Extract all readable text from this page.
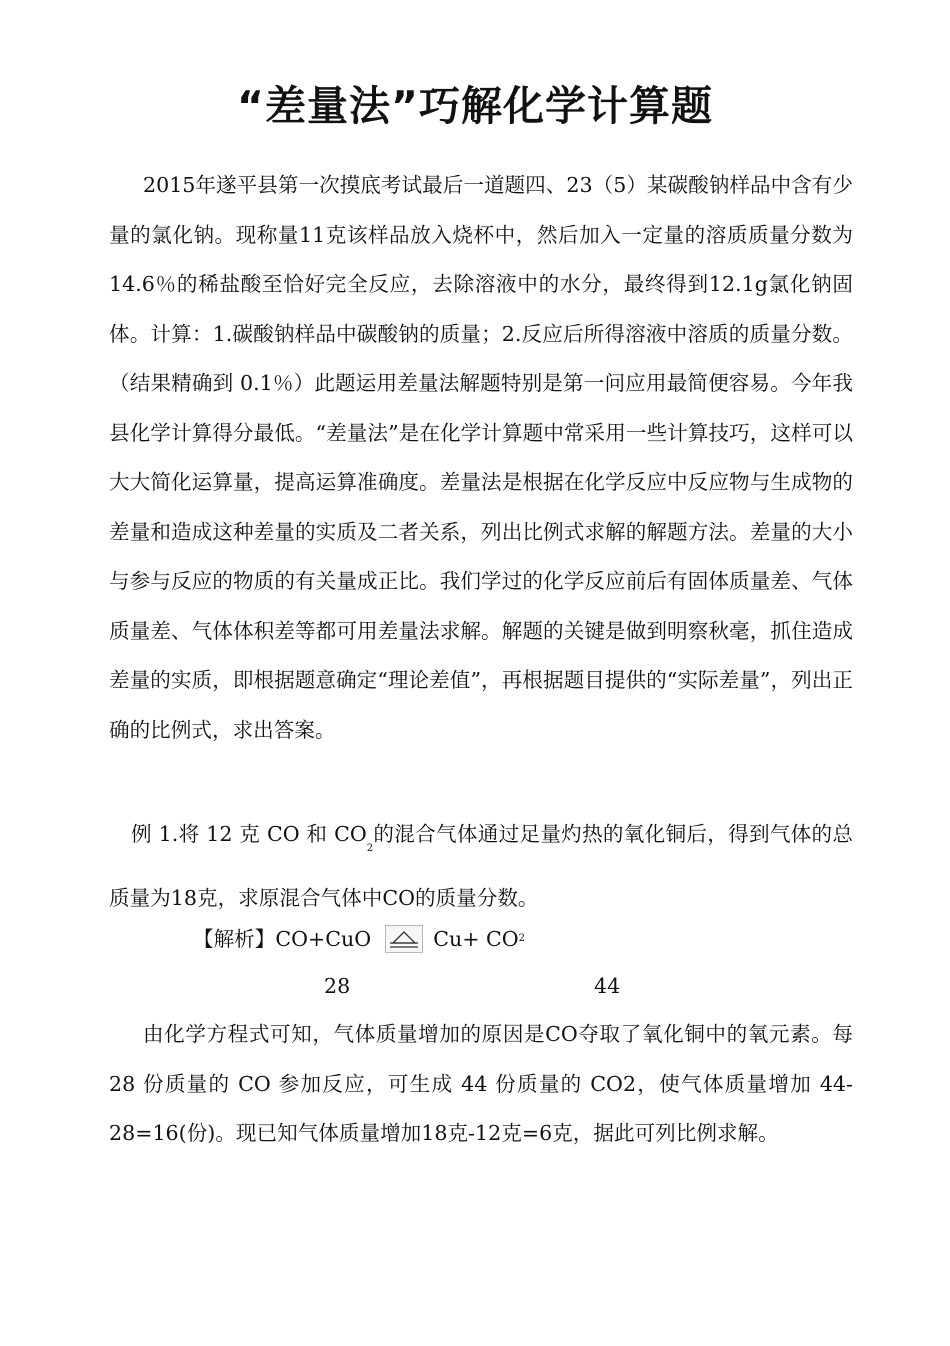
“差量法”巧解化学计算题

2015年遂平县第一次摸底考试最后一道题四、23（5）某碳酸钠样品中含有少量的氯化钠。现称量11克该样品放入烧杯中，然后加入一定量的溶质质量分数为 14.6％的稀盐酸至恰好完全反应，去除溶液中的水分，最终得到12.1g氯化钠固体。计算：1.碳酸钠样品中碳酸钠的质量；2.反应后所得溶液中溶质的质量分数。（结果精确到 0.1％）此题运用差量法解题特别是第一问应用最简便容易。今年我县化学计算得分最低。“差量法”是在化学计算题中常采用一些计算技巧，这样可以大大简化运算量，提高运算准确度。差量法是根据在化学反应中反应物与生成物的差量和造成这种差量的实质及二者关系，列出比例式求解的解题方法。差量的大小与参与反应的物质的有关量成正比。我们学过的化学反应前后有固体质量差、气体质量差、气体体积差等都可用差量法求解。解题的关键是做到明察秋毫，抓住造成差量的实质，即根据题意确定“理论差值”，再根据题目提供的“实际差量”，列出正确的比例式，求出答案。

例 1.将 12 克 CO 和 $CO_2$的混合气体通过足量灼热的氧化铜后，得到气体的总质量为18克，求原混合气体中CO的质量分数。

【解析】CO+CuO	Cu+ CO2
28	44

由化学方程式可知，气体质量增加的原因是CO夺取了氧化铜中的氧元素。每 28 份质量的 CO 参加反应，可生成 44 份质量的 CO2，使气体质量增加 44-28=16(份)。现已知气体质量增加18克-12克=6克，据此可列比例求解。
